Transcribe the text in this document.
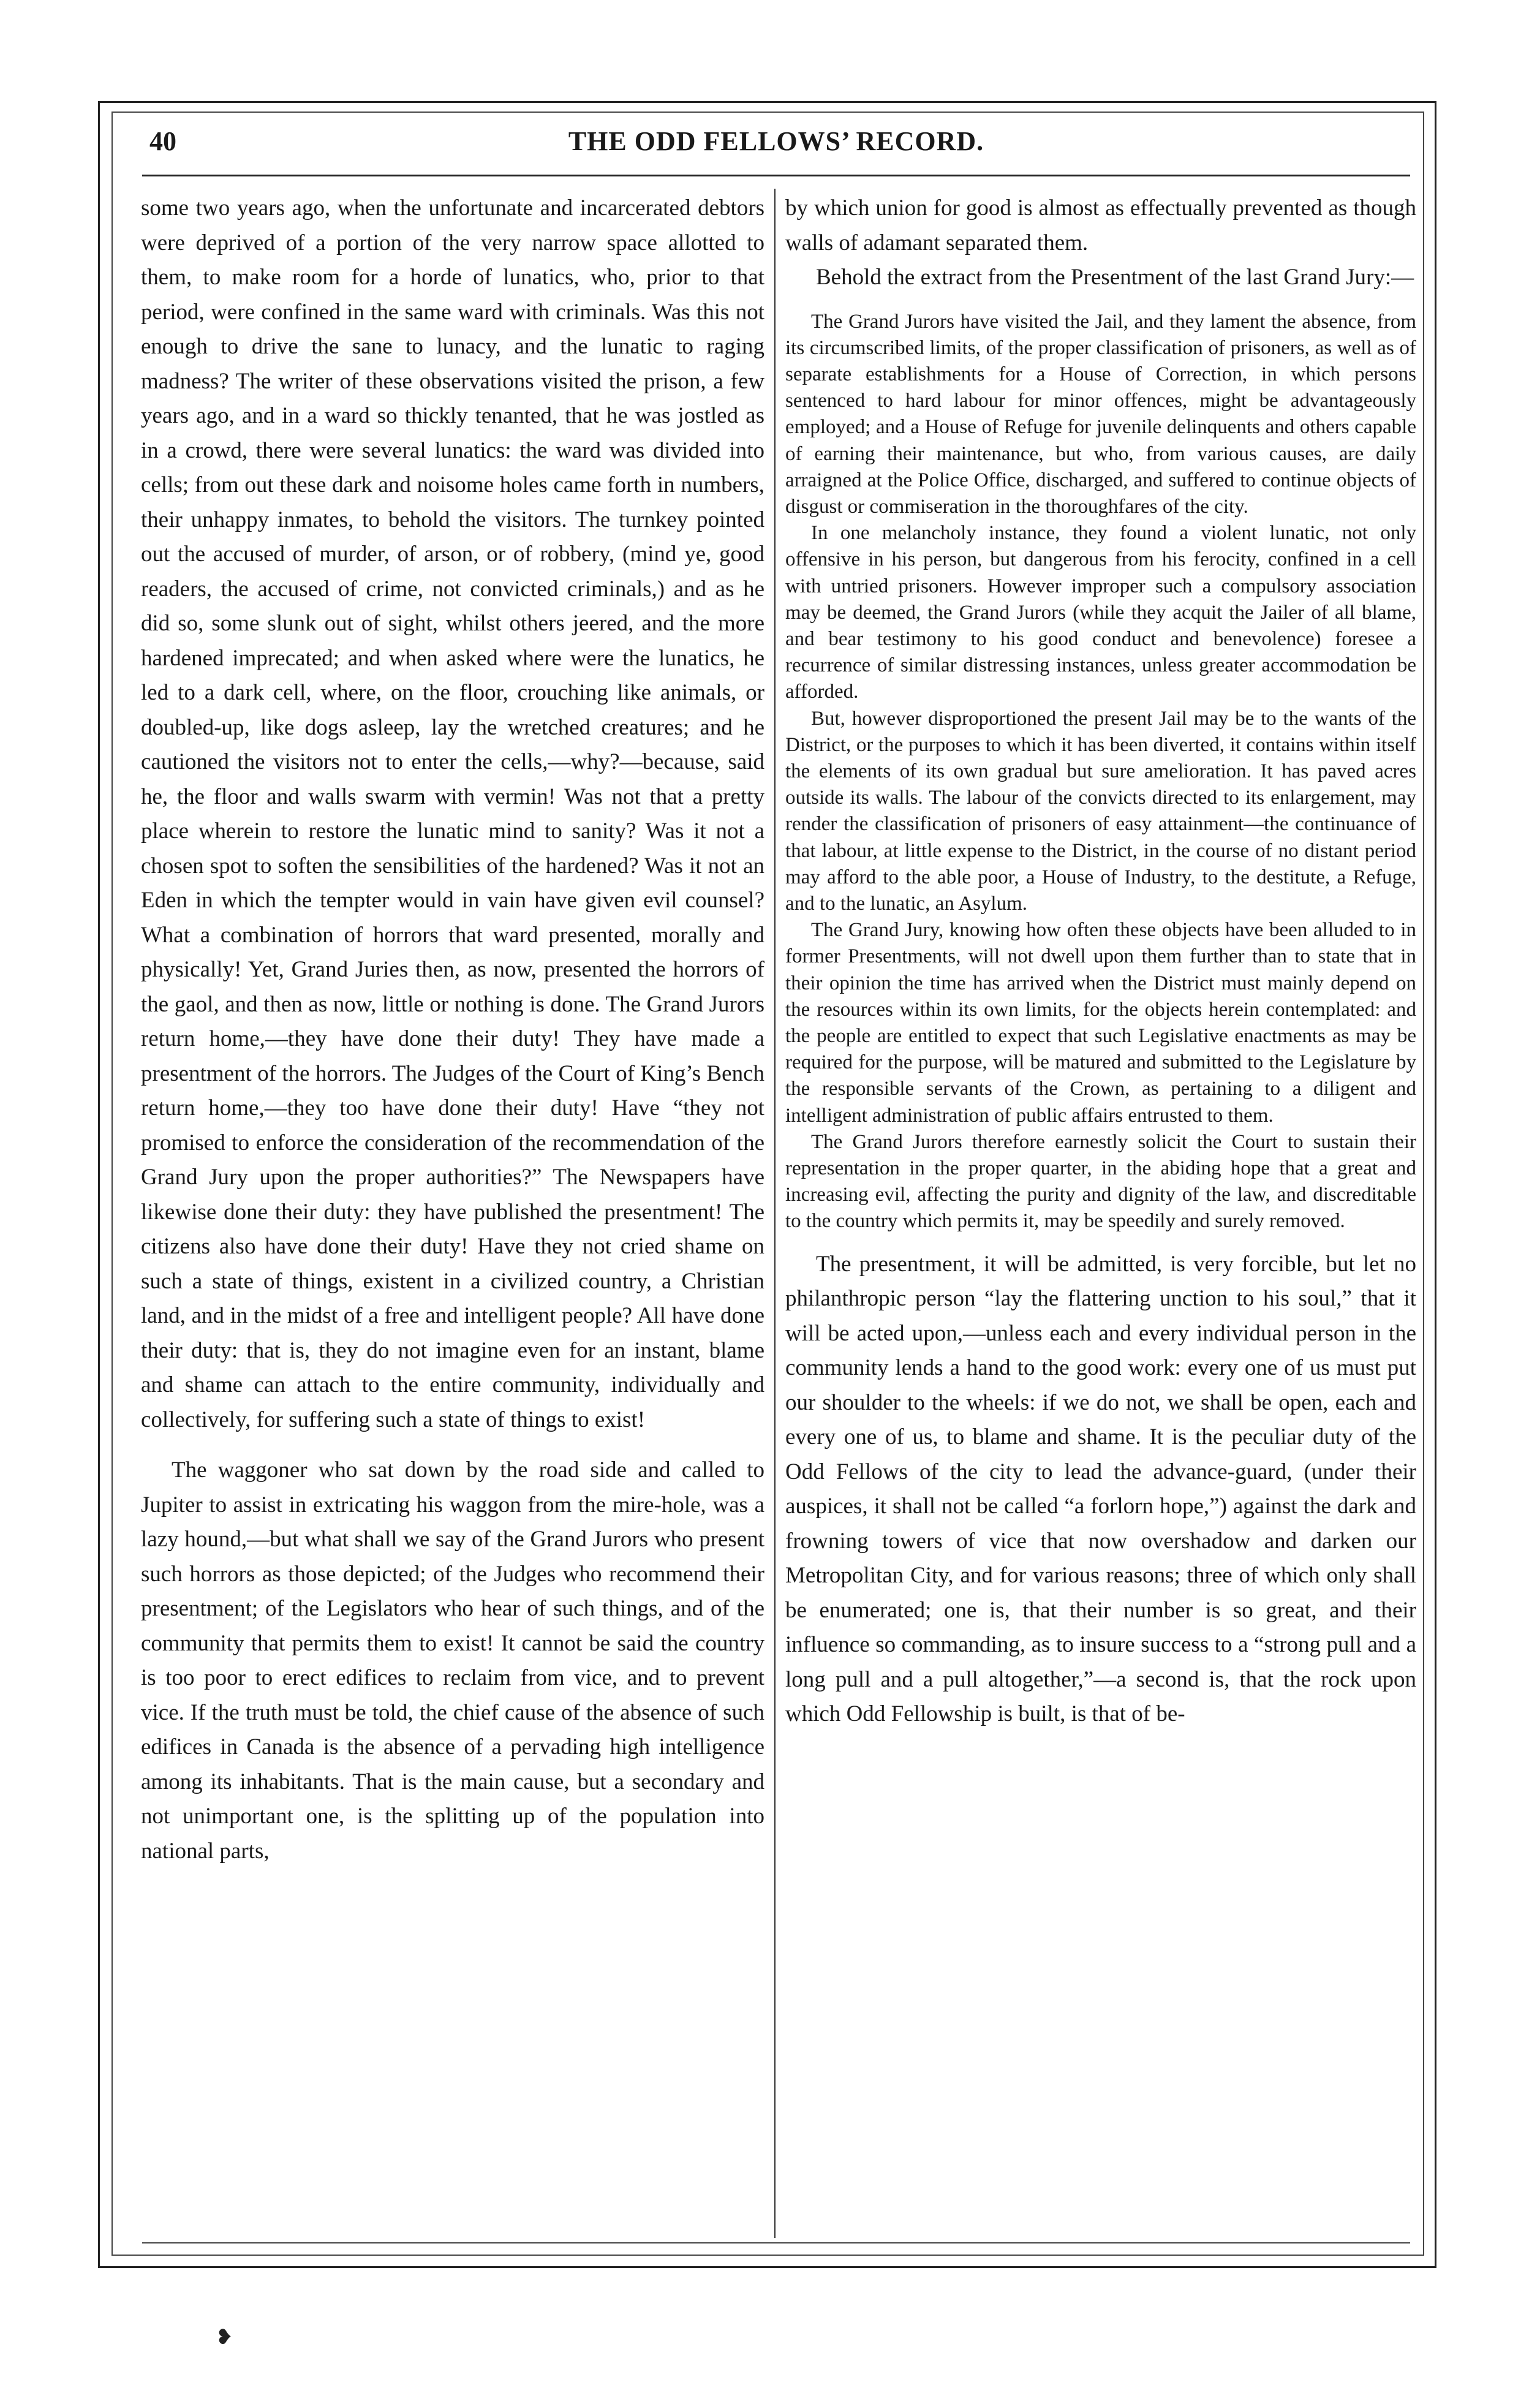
40	THE ODD FELLOWS’ RECORD.

some two years ago, when the unfortunate and incarcerated debtors were deprived of a portion of the very narrow space allotted to them, to make room for a horde of lunatics, who, prior to that period, were confined in the same ward with criminals. Was this not enough to drive the sane to lunacy, and the lunatic to raging madness? The writer of these observations visited the prison, a few years ago, and in a ward so thickly tenanted, that he was jostled as in a crowd, there were several lunatics: the ward was divided into cells; from out these dark and noisome holes came forth in numbers, their unhappy inmates, to behold the visitors. The turnkey pointed out the accused of murder, of arson, or of robbery, (mind ye, good readers, the accused of crime, not convicted criminals,) and as he did so, some slunk out of sight, whilst others jeered, and the more hardened imprecated; and when asked where were the lunatics, he led to a dark cell, where, on the floor, crouching like animals, or doubled-up, like dogs asleep, lay the wretched creatures; and he cautioned the visitors not to enter the cells,—why?—because, said he, the floor and walls swarm with vermin! Was not that a pretty place wherein to restore the lunatic mind to sanity? Was it not a chosen spot to soften the sensibilities of the hardened? Was it not an Eden in which the tempter would in vain have given evil counsel? What a combination of horrors that ward presented, morally and physically! Yet, Grand Juries then, as now, presented the horrors of the gaol, and then as now, little or nothing is done. The Grand Jurors return home,—they have done their duty! They have made a presentment of the horrors. The Judges of the Court of King’s Bench return home,—they too have done their duty! Have “they not promised to enforce the consideration of the recommendation of the Grand Jury upon the proper authorities?” The Newspapers have likewise done their duty: they have published the presentment! The citizens also have done their duty! Have they not cried shame on such a state of things, existent in a civilized country, a Christian land, and in the midst of a free and intelligent people? All have done their duty: that is, they do not imagine even for an instant, blame and shame can attach to the entire community, individually and collectively, for suffering such a state of things to exist!

The waggoner who sat down by the road side and called to Jupiter to assist in extricating his waggon from the mire-hole, was a lazy hound,—but what shall we say of the Grand Jurors who present such horrors as those depicted; of the Judges who recommend their presentment; of the Legislators who hear of such things, and of the community that permits them to exist! It cannot be said the country is too poor to erect edifices to reclaim from vice, and to prevent vice. If the truth must be told, the chief cause of the absence of such edifices in Canada is the absence of a pervading high intelligence among its inhabitants. That is the main cause, but a secondary and not unimportant one, is the splitting up of the population into national parts,

by which union for good is almost as effectually prevented as though walls of adamant separated them.

Behold the extract from the Presentment of the last Grand Jury:—

The Grand Jurors have visited the Jail, and they lament the absence, from its circumscribed limits, of the proper classification of prisoners, as well as of separate establishments for a House of Correction, in which persons sentenced to hard labour for minor offences, might be advantageously employed; and a House of Refuge for juvenile delinquents and others capable of earning their maintenance, but who, from various causes, are daily arraigned at the Police Office, discharged, and suffered to continue objects of disgust or commiseration in the thoroughfares of the city.

In one melancholy instance, they found a violent lunatic, not only offensive in his person, but dangerous from his ferocity, confined in a cell with untried prisoners. However improper such a compulsory association may be deemed, the Grand Jurors (while they acquit the Jailer of all blame, and bear testimony to his good conduct and benevolence) foresee a recurrence of similar distressing instances, unless greater accommodation be afforded.

But, however disproportioned the present Jail may be to the wants of the District, or the purposes to which it has been diverted, it contains within itself the elements of its own gradual but sure amelioration. It has paved acres outside its walls. The labour of the convicts directed to its enlargement, may render the classification of prisoners of easy attainment—the continuance of that labour, at little expense to the District, in the course of no distant period may afford to the able poor, a House of Industry, to the destitute, a Refuge, and to the lunatic, an Asylum.

The Grand Jury, knowing how often these objects have been alluded to in former Presentments, will not dwell upon them further than to state that in their opinion the time has arrived when the District must mainly depend on the resources within its own limits, for the objects herein contemplated: and the people are entitled to expect that such Legislative enactments as may be required for the purpose, will be matured and submitted to the Legislature by the responsible servants of the Crown, as pertaining to a diligent and intelligent administration of public affairs entrusted to them.

The Grand Jurors therefore earnestly solicit the Court to sustain their representation in the proper quarter, in the abiding hope that a great and increasing evil, affecting the purity and dignity of the law, and discreditable to the country which permits it, may be speedily and surely removed.

The presentment, it will be admitted, is very forcible, but let no philanthropic person “lay the flattering unction to his soul,” that it will be acted upon,—unless each and every individual person in the community lends a hand to the good work: every one of us must put our shoulder to the wheels: if we do not, we shall be open, each and every one of us, to blame and shame. It is the peculiar duty of the Odd Fellows of the city to lead the advance-guard, (under their auspices, it shall not be called “a forlorn hope,”) against the dark and frowning towers of vice that now overshadow and darken our Metropolitan City, and for various reasons; three of which only shall be enumerated; one is, that their number is so great, and their influence so commanding, as to insure success to a “strong pull and a long pull and a pull altogether,”—a second is, that the rock upon which Odd Fellowship is built, is that of be-

❥
